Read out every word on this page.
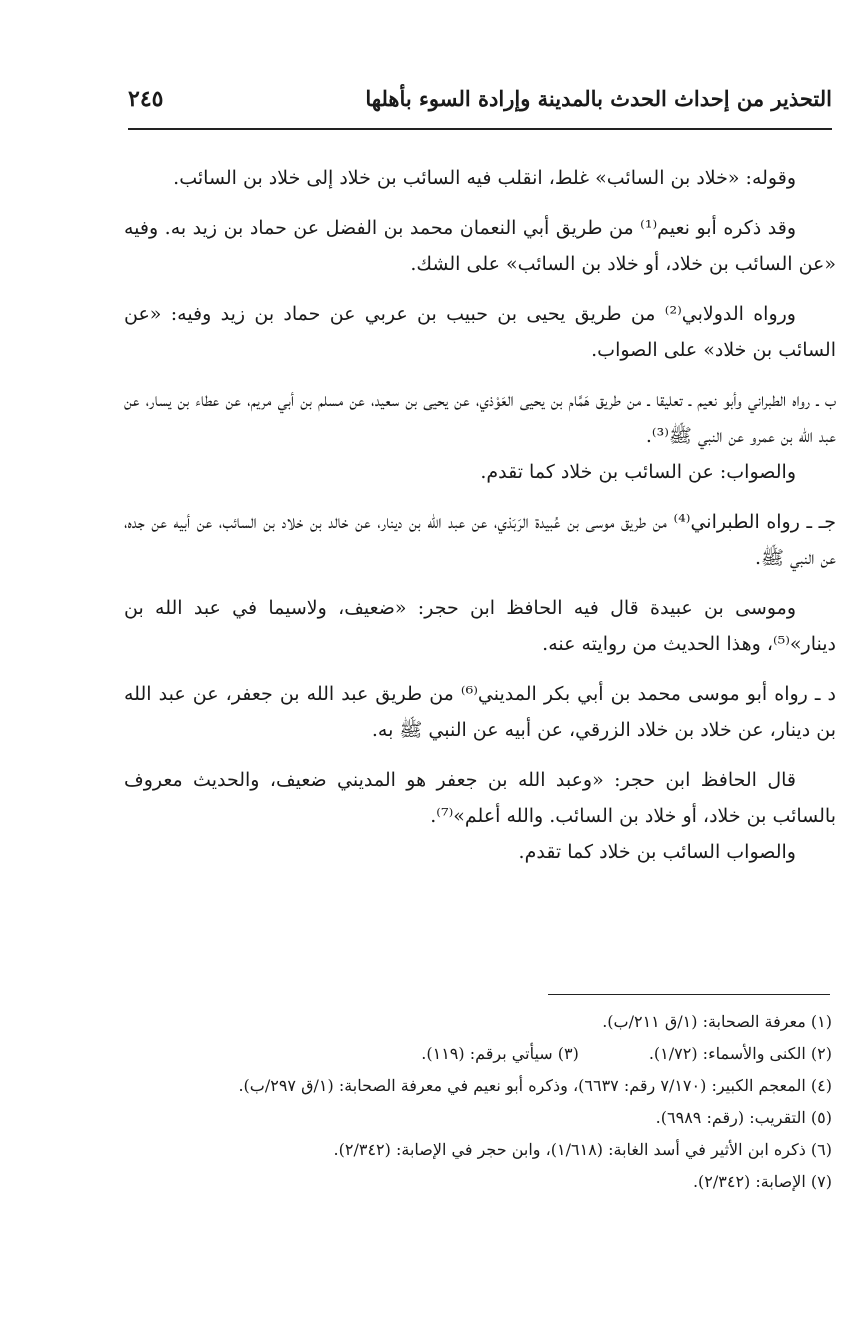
التحذير من إحداث الحدث بالمدينة وإرادة السوء بأهلها
٢٤٥

وقوله: «خلاد بن السائب» غلط، انقلب فيه السائب بن خلاد إلى خلاد بن السائب.

وقد ذكره أبو نعيم⁽¹⁾ من طريق أبي النعمان محمد بن الفضل عن حماد بن زيد به. وفيه «عن السائب بن خلاد، أو خلاد بن السائب» على الشك.

ورواه الدولابي⁽²⁾ من طريق يحيى بن حبيب بن عربي عن حماد بن زيد وفيه: «عن السائب بن خلاد» على الصواب.

ب ـ رواه الطبراني وأبو نعيم ـ تعليقا ـ من طريق هَمَّام بن يحيى العَوْذي، عن يحيى بن سعيد، عن مسلم بن أبي مريم، عن عطاء بن يسار، عن عبد الله بن عمرو عن النبي ﷺ⁽³⁾.

والصواب: عن السائب بن خلاد كما تقدم.

جـ ـ رواه الطبراني⁽⁴⁾ من طريق موسى بن عُبيدة الرَبَذي، عن عبد الله بن دينار، عن خالد بن خلاد بن السائب، عن أبيه عن جده، عن النبي ﷺ.

وموسى بن عبيدة قال فيه الحافظ ابن حجر: «ضعيف، ولاسيما في عبد الله بن دينار»⁽⁵⁾، وهذا الحديث من روايته عنه.

د ـ رواه أبو موسى محمد بن أبي بكر المديني⁽⁶⁾ من طريق عبد الله بن جعفر، عن عبد الله بن دينار، عن خلاد بن خلاد الزرقي، عن أبيه عن النبي ﷺ به.

قال الحافظ ابن حجر: «وعبد الله بن جعفر هو المديني ضعيف، والحديث معروف بالسائب بن خلاد، أو خلاد بن السائب. والله أعلم»⁽⁷⁾.

والصواب السائب بن خلاد كما تقدم.

(١) معرفة الصحابة: (١/ق ٢١١/ب).

(٢) الكنى والأسماء: (١/٧٢).
(٣) سيأتي برقم: (١١٩).

(٤) المعجم الكبير: (٧/١٧٠ رقم: ٦٦٣٧)، وذكره أبو نعيم في معرفة الصحابة: (١/ق ٢٩٧/ب).

(٥) التقريب: (رقم: ٦٩٨٩).

(٦) ذكره ابن الأثير في أسد الغابة: (١/٦١٨)، وابن حجر في الإصابة: (٢/٣٤٢).

(٧) الإصابة: (٢/٣٤٢).
